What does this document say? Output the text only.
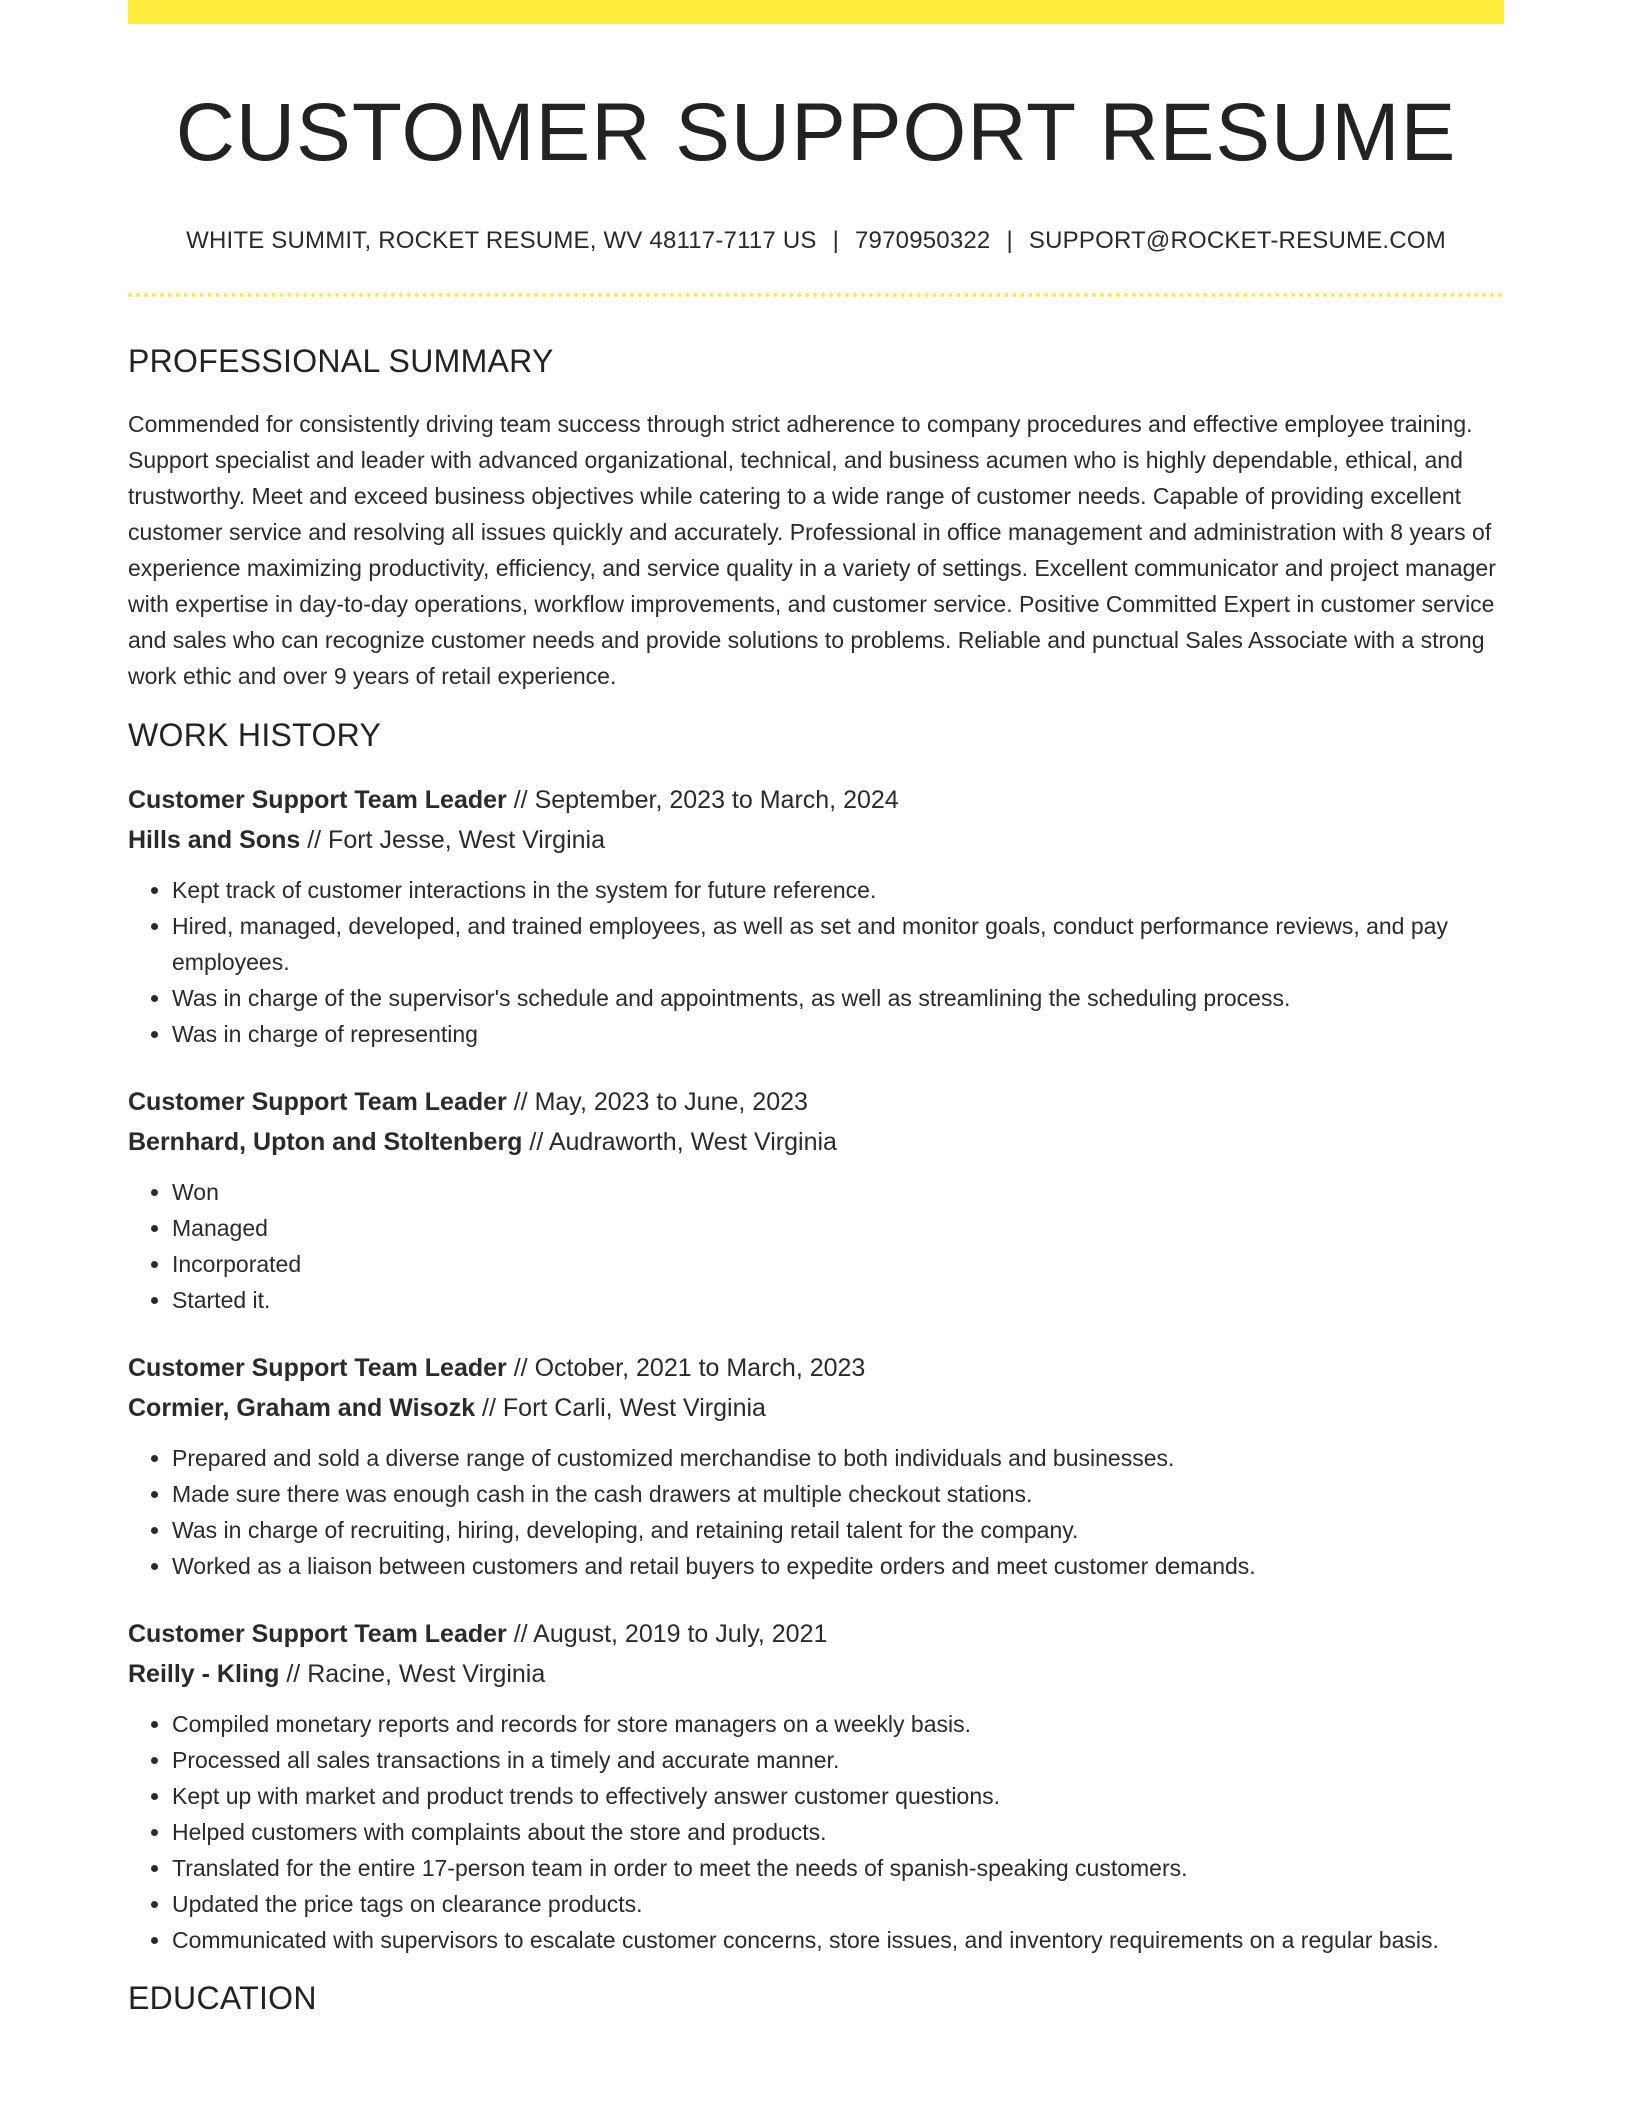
CUSTOMER SUPPORT RESUME
WHITE SUMMIT, ROCKET RESUME, WV 48117-7117 US | 7970950322 | SUPPORT@ROCKET-RESUME.COM
PROFESSIONAL SUMMARY

Commended for consistently driving team success through strict adherence to company procedures and effective employee training. Support specialist and leader with advanced organizational, technical, and business acumen who is highly dependable, ethical, and trustworthy. Meet and exceed business objectives while catering to a wide range of customer needs. Capable of providing excellent customer service and resolving all issues quickly and accurately. Professional in office management and administration with 8 years of experience maximizing productivity, efficiency, and service quality in a variety of settings. Excellent communicator and project manager with expertise in day-to-day operations, workflow improvements, and customer service. Positive Committed Expert in customer service and sales who can recognize customer needs and provide solutions to problems. Reliable and punctual Sales Associate with a strong work ethic and over 9 years of retail experience.

WORK HISTORY
Customer Support Team Leader // September, 2023 to March, 2024
Hills and Sons // Fort Jesse, West Virginia
• Kept track of customer interactions in the system for future reference.
• Hired, managed, developed, and trained employees, as well as set and monitor goals, conduct performance reviews, and pay employees.
• Was in charge of the supervisor's schedule and appointments, as well as streamlining the scheduling process.
• Was in charge of representing
Customer Support Team Leader // May, 2023 to June, 2023
Bernhard, Upton and Stoltenberg // Audraworth, West Virginia
• Won
• Managed
• Incorporated
• Started it.
Customer Support Team Leader // October, 2021 to March, 2023
Cormier, Graham and Wisozk // Fort Carli, West Virginia
• Prepared and sold a diverse range of customized merchandise to both individuals and businesses.
• Made sure there was enough cash in the cash drawers at multiple checkout stations.
• Was in charge of recruiting, hiring, developing, and retaining retail talent for the company.
• Worked as a liaison between customers and retail buyers to expedite orders and meet customer demands.
Customer Support Team Leader // August, 2019 to July, 2021
Reilly - Kling // Racine, West Virginia
• Compiled monetary reports and records for store managers on a weekly basis.
• Processed all sales transactions in a timely and accurate manner.
• Kept up with market and product trends to effectively answer customer questions.
• Helped customers with complaints about the store and products.
• Translated for the entire 17-person team in order to meet the needs of spanish-speaking customers.
• Updated the price tags on clearance products.
• Communicated with supervisors to escalate customer concerns, store issues, and inventory requirements on a regular basis.
EDUCATION
